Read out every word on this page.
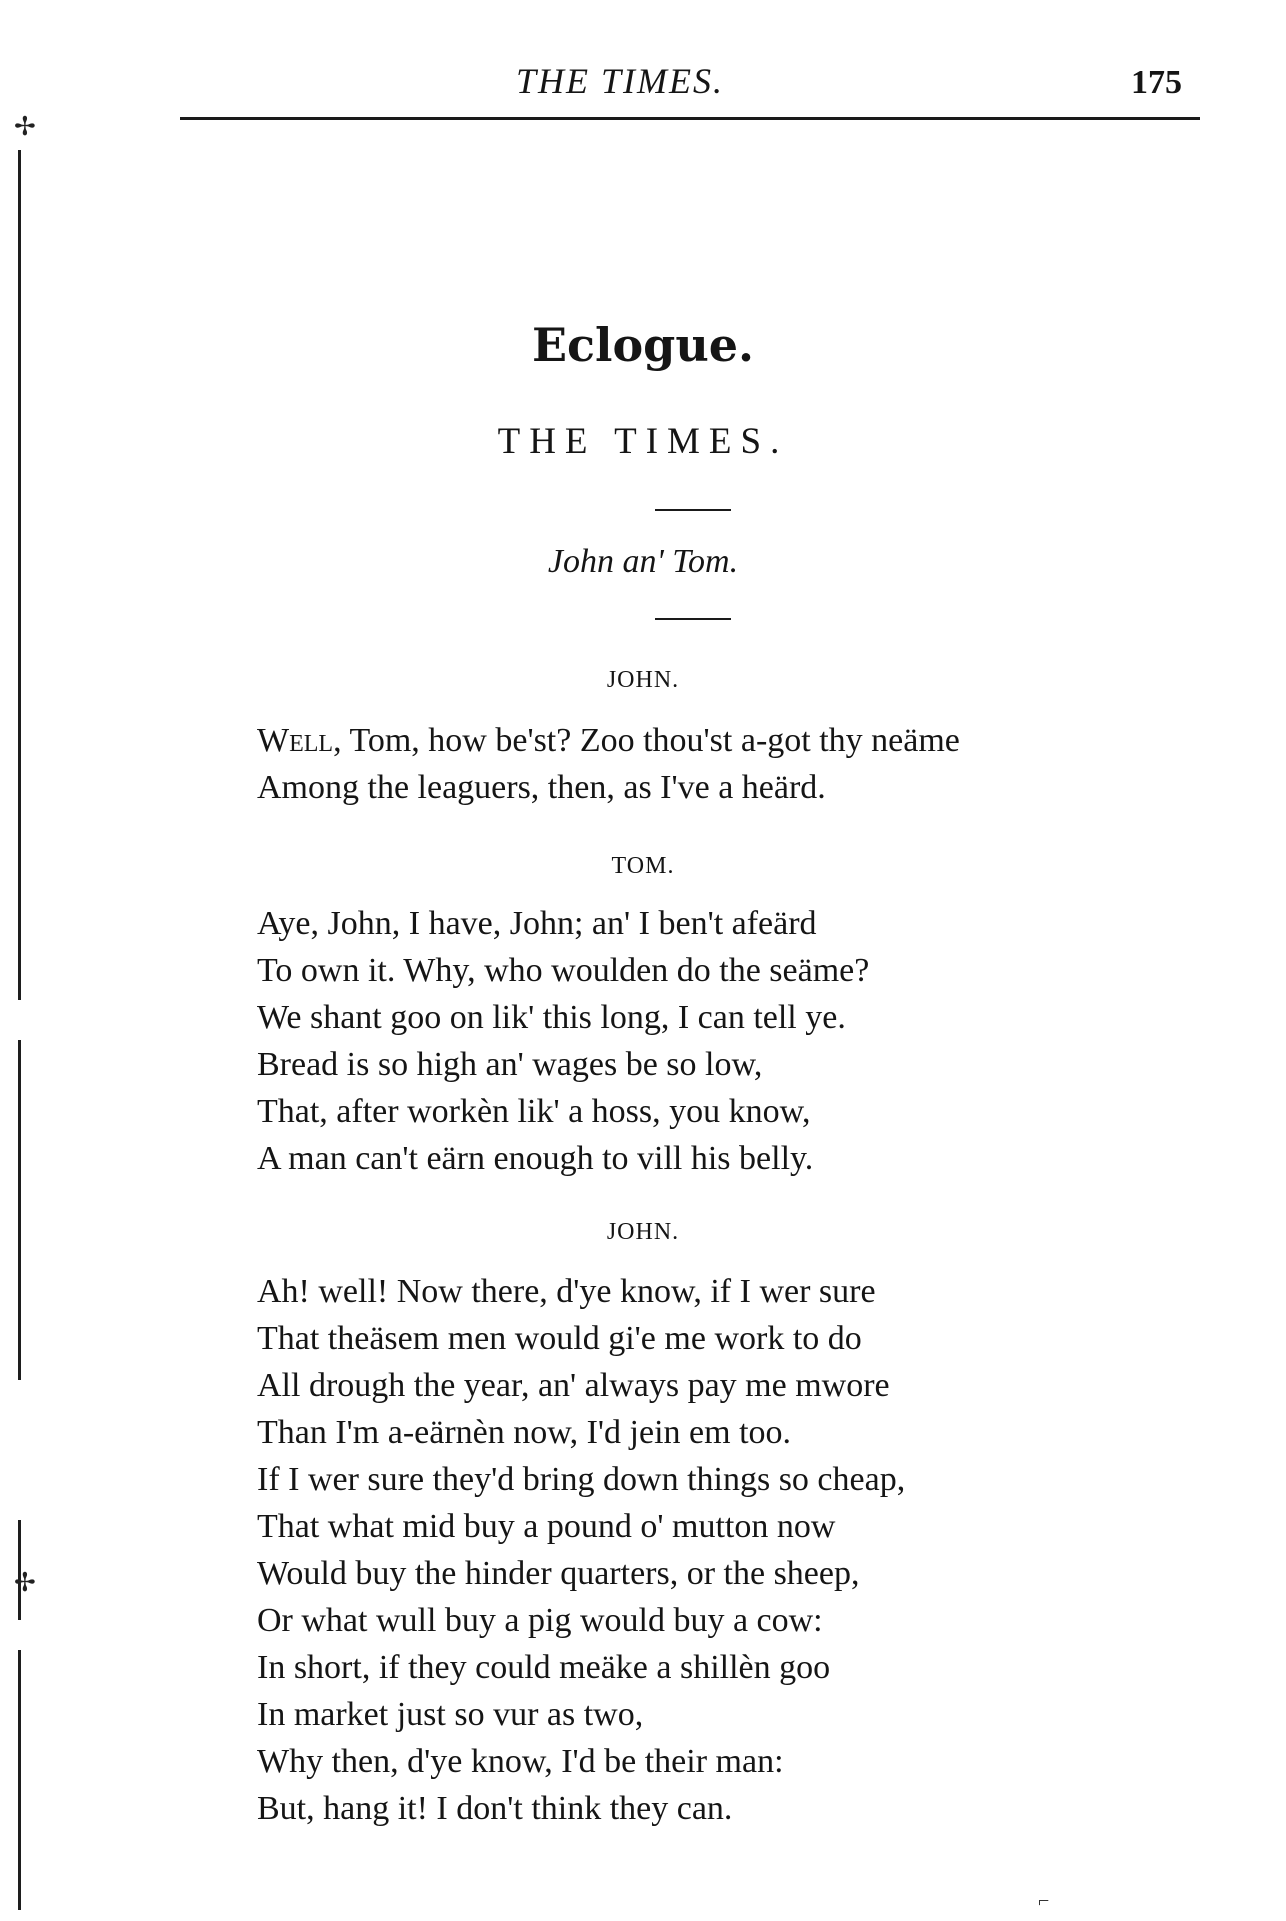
✢
✢
THE TIMES.	175
Eclogue.
THE TIMES.
John an' Tom.
JOHN.
Well, Tom, how be'st? Zoo thou'st a-got thy neäme
Among the leaguers, then, as I've a heärd.
TOM.
Aye, John, I have, John; an' I ben't afeärd
To own it. Why, who woulden do the seäme?
We shant goo on lik' this long, I can tell ye.
Bread is so high an' wages be so low,
That, after workèn lik' a hoss, you know,
A man can't eärn enough to vill his belly.
JOHN.
Ah! well! Now there, d'ye know, if I wer sure
That theäsem men would gi'e me work to do
All drough the year, an' always pay me mwore
Than I'm a-eärnèn now, I'd jein em too.
If I wer sure they'd bring down things so cheap,
That what mid buy a pound o' mutton now
Would buy the hinder quarters, or the sheep,
Or what wull buy a pig would buy a cow:
In short, if they could meäke a shillèn goo
In market just so vur as two,
Why then, d'ye know, I'd be their man:
But, hang it! I don't think they can.
⌐
